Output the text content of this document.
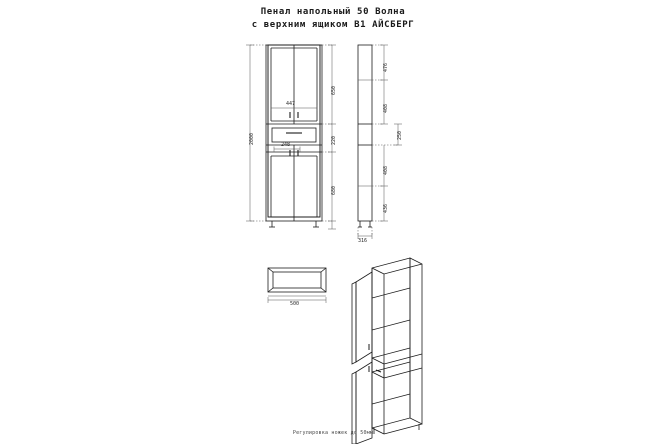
Пенал напольный 50 Волна
с верхним ящиком В1 АЙСБЕРГ
2000
650
220
680
447
248
476
408
250
408
436
316
500
Регулировка ножек до 50мм
